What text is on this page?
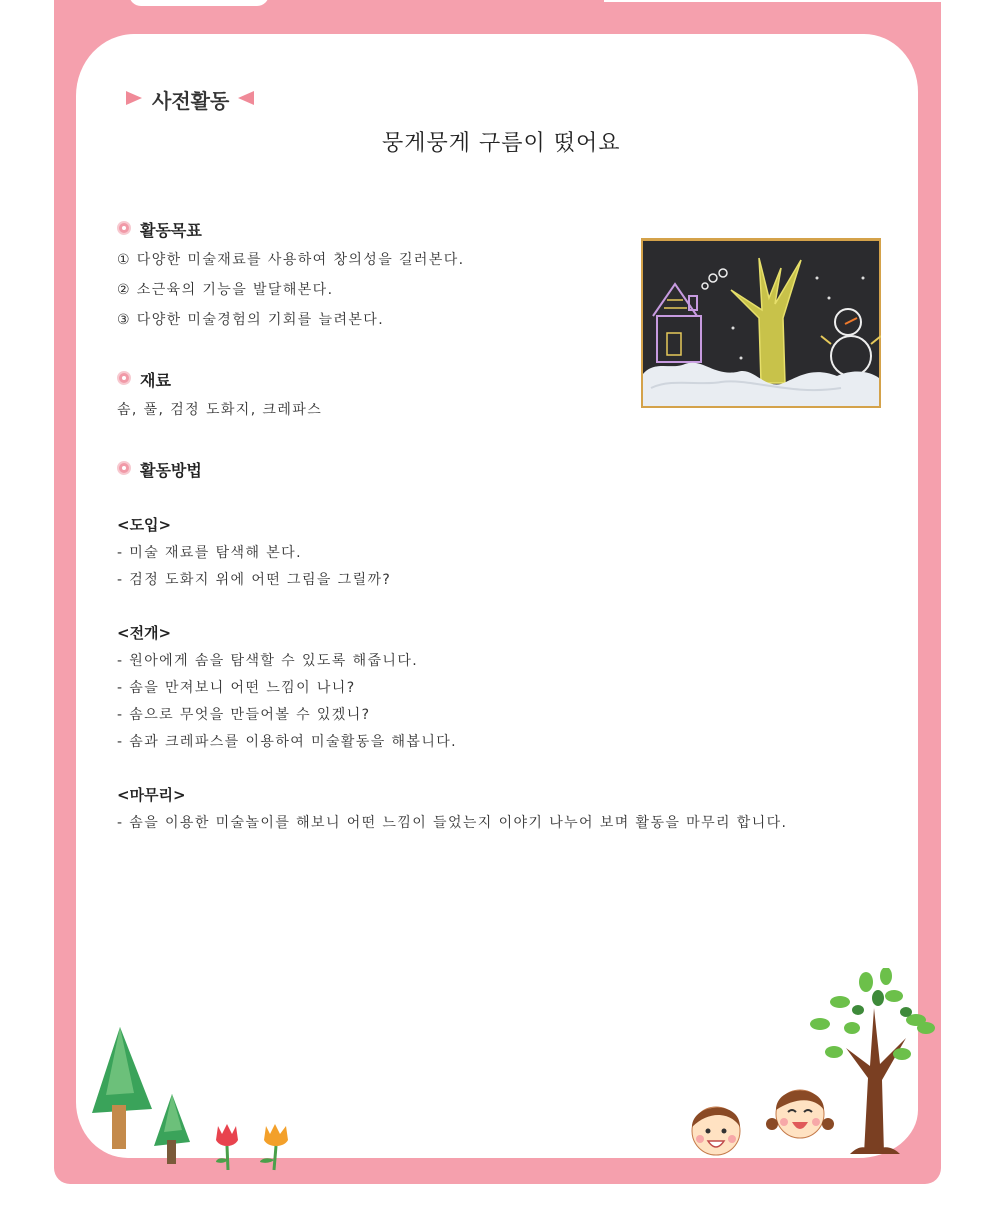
사전활동
뭉게뭉게 구름이 떴어요
활동목표
① 다양한 미술재료를 사용하여 창의성을 길러본다.
② 소근육의 기능을 발달해본다.
③ 다양한 미술경험의 기회를 늘려본다.
재료
솜, 풀, 검정 도화지, 크레파스
활동방법
<도입>
- 미술 재료를 탐색해 본다.
- 검정 도화지 위에 어떤 그림을 그릴까?
<전개>
- 원아에게 솜을 탐색할 수 있도록 해줍니다.
- 솜을 만져보니 어떤 느낌이 나니?
- 솜으로 무엇을 만들어볼 수 있겠니?
- 솜과 크레파스를 이용하여 미술활동을 해봅니다.
<마무리>
- 솜을 이용한 미술놀이를 해보니 어떤 느낌이 들었는지 이야기 나누어 보며 활동을 마무리 합니다.
